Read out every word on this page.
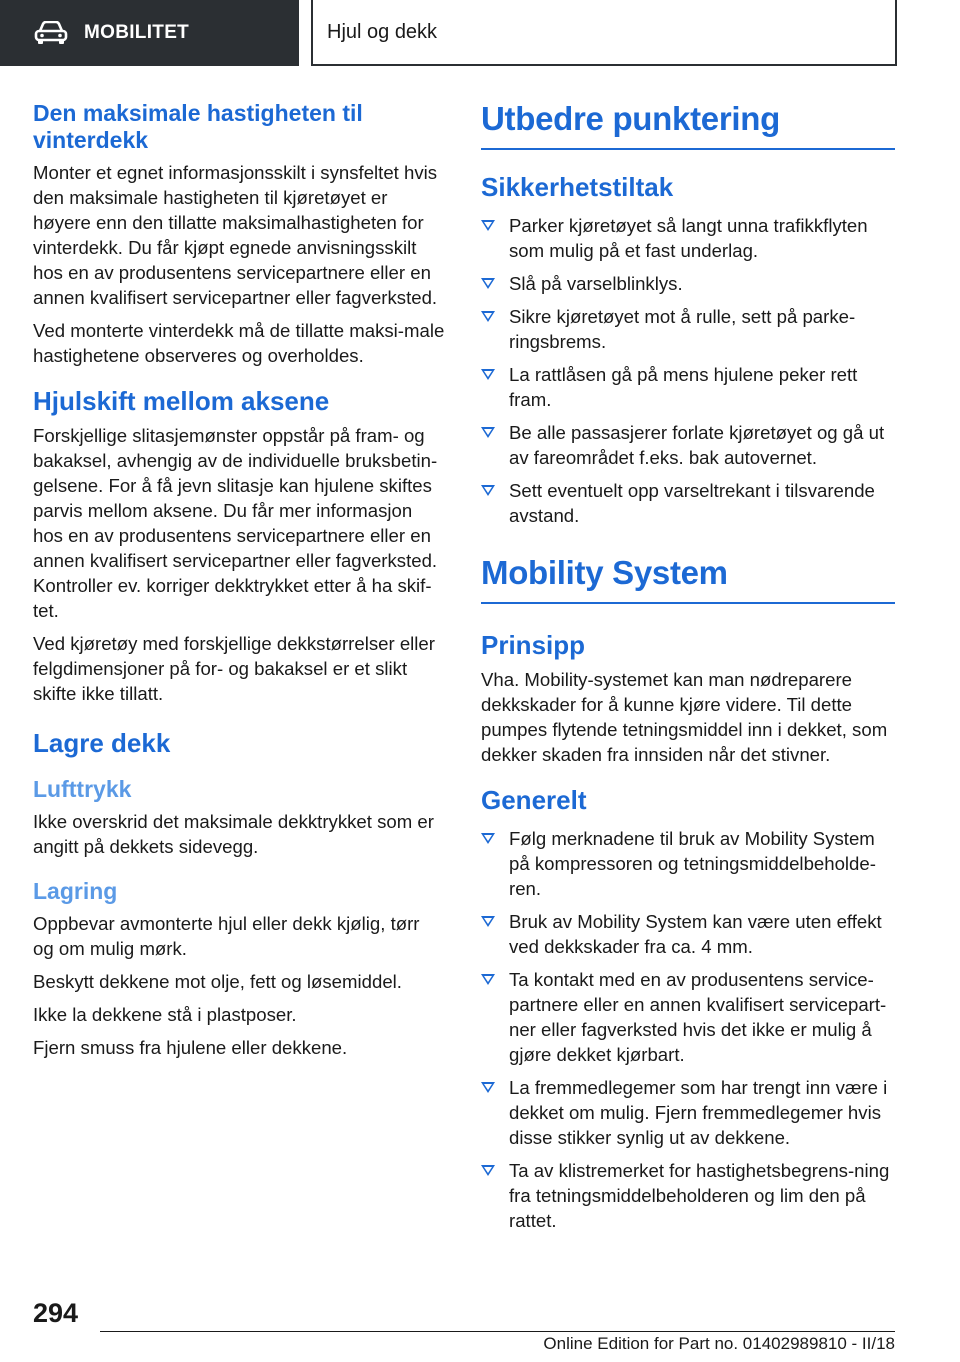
MOBILITET	Hjul og dekk
Den maksimale hastigheten til vinterdekk

Monter et egnet informasjonsskilt i synsfeltet hvis den maksimale hastigheten til kjøretøyet er høyere enn den tillatte maksimalhastigheten for vinterdekk. Du får kjøpt egnede anvisningsskilt hos en av produsentens servicepartnere eller en annen kvalifisert servicepartner eller fagverksted.

Ved monterte vinterdekk må de tillatte maksi-male hastighetene observeres og overholdes.

Hjulskift mellom aksene

Forskjellige slitasjemønster oppstår på fram- og bakaksel, avhengig av de individuelle bruksbetin-gelsene. For å få jevn slitasje kan hjulene skiftes parvis mellom aksene. Du får mer informasjon hos en av produsentens servicepartnere eller en annen kvalifisert servicepartner eller fagverksted. Kontroller ev. korriger dekktrykket etter å ha skif-tet.

Ved kjøretøy med forskjellige dekkstørrelser eller felgdimensjoner på for- og bakaksel er et slikt skifte ikke tillatt.

Lagre dekk
Lufttrykk

Ikke overskrid det maksimale dekktrykket som er angitt på dekkets sidevegg.

Lagring

Oppbevar avmonterte hjul eller dekk kjølig, tørr og om mulig mørk.

Beskytt dekkene mot olje, fett og løsemiddel.

Ikke la dekkene stå i plastposer.

Fjern smuss fra hjulene eller dekkene.

Utbedre punktering
Sikkerhetstiltak
Parker kjøretøyet så langt unna trafikkflyten som mulig på et fast underlag.
Slå på varselblinklys.
Sikre kjøretøyet mot å rulle, sett på parke-ringsbrems.
La rattlåsen gå på mens hjulene peker rett fram.
Be alle passasjerer forlate kjøretøyet og gå ut av fareområdet f.eks. bak autovernet.
Sett eventuelt opp varseltrekant i tilsvarende avstand.
Mobility System
Prinsipp

Vha. Mobility-systemet kan man nødreparere dekkskader for å kunne kjøre videre. Til dette pumpes flytende tetningsmiddel inn i dekket, som dekker skaden fra innsiden når det stivner.

Generelt
Følg merknadene til bruk av Mobility System på kompressoren og tetningsmiddelbeholde-ren.
Bruk av Mobility System kan være uten effekt ved dekkskader fra ca. 4 mm.
Ta kontakt med en av produsentens service-partnere eller en annen kvalifisert servicepart-ner eller fagverksted hvis det ikke er mulig å gjøre dekket kjørbart.
La fremmedlegemer som har trengt inn være i dekket om mulig. Fjern fremmedlegemer hvis disse stikker synlig ut av dekkene.
Ta av klistremerket for hastighetsbegrens-ning fra tetningsmiddelbeholderen og lim den på rattet.
294
Online Edition for Part no. 01402989810 - II/18
